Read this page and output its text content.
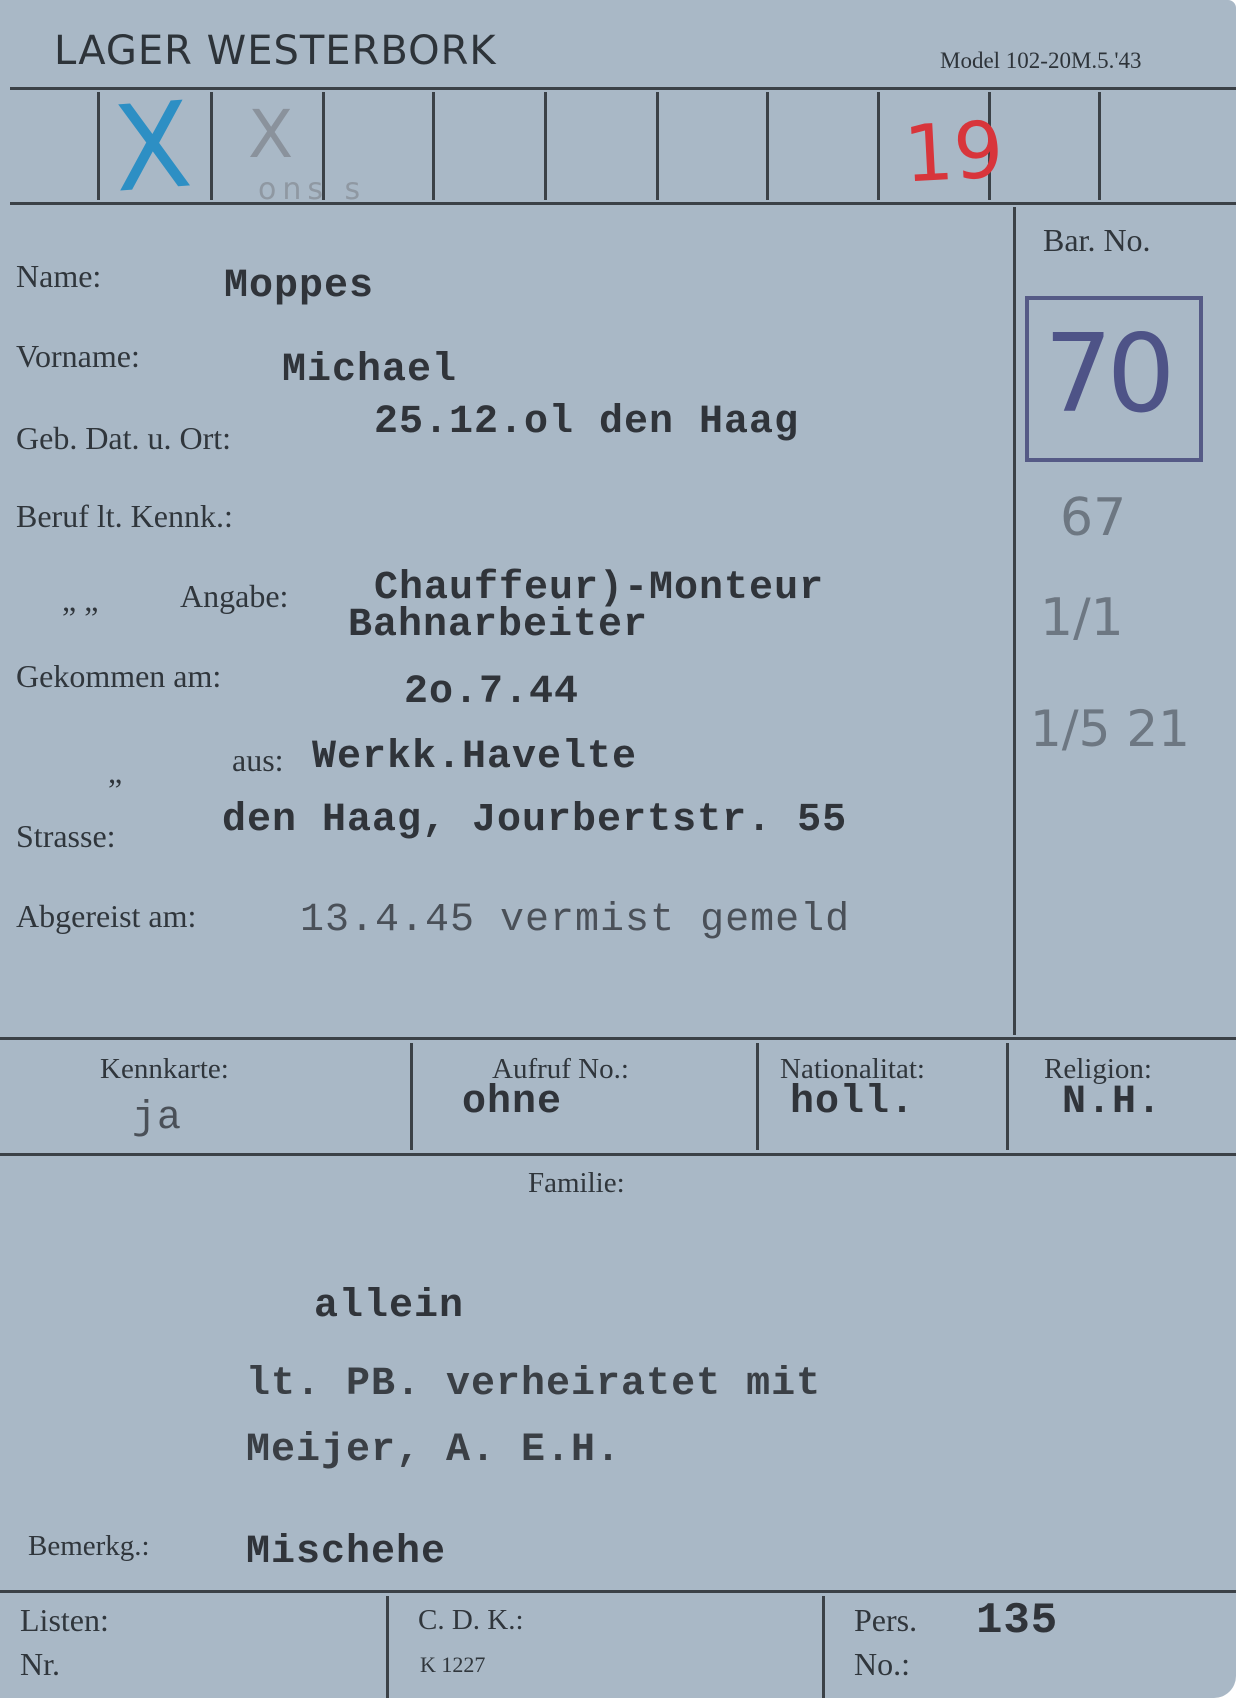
LAGER WESTERBORK	Model 102-20M.5.'43
X X
ons s	19
Bar. No.
70
67
1/1
1/5 21
Name:	Moppes
Vorname:	Michael
Geb. Dat. u. Ort:	25.12.ol den Haag
Beruf lt. Kennk.:
„ „	Angabe: Chauffeur)-Monteur
Bahnarbeiter
Gekommen am:	2o.7.44
„	aus: Werkk.Havelte
Strasse:	den Haag, Jourbertstr. 55
Abgereist am:	13.4.45 vermist gemeld
Kennkarte:
ja
Aufruf No.:
ohne
Nationalitat:
holl.
Religion:
N.H.
Familie:
allein
lt. PB. verheiratet mit
Meijer, A. E.H.
Bemerkg.: Mischehe
Listen:
Nr.
C. D. K.:
K 1227
Pers.
No.:
135
